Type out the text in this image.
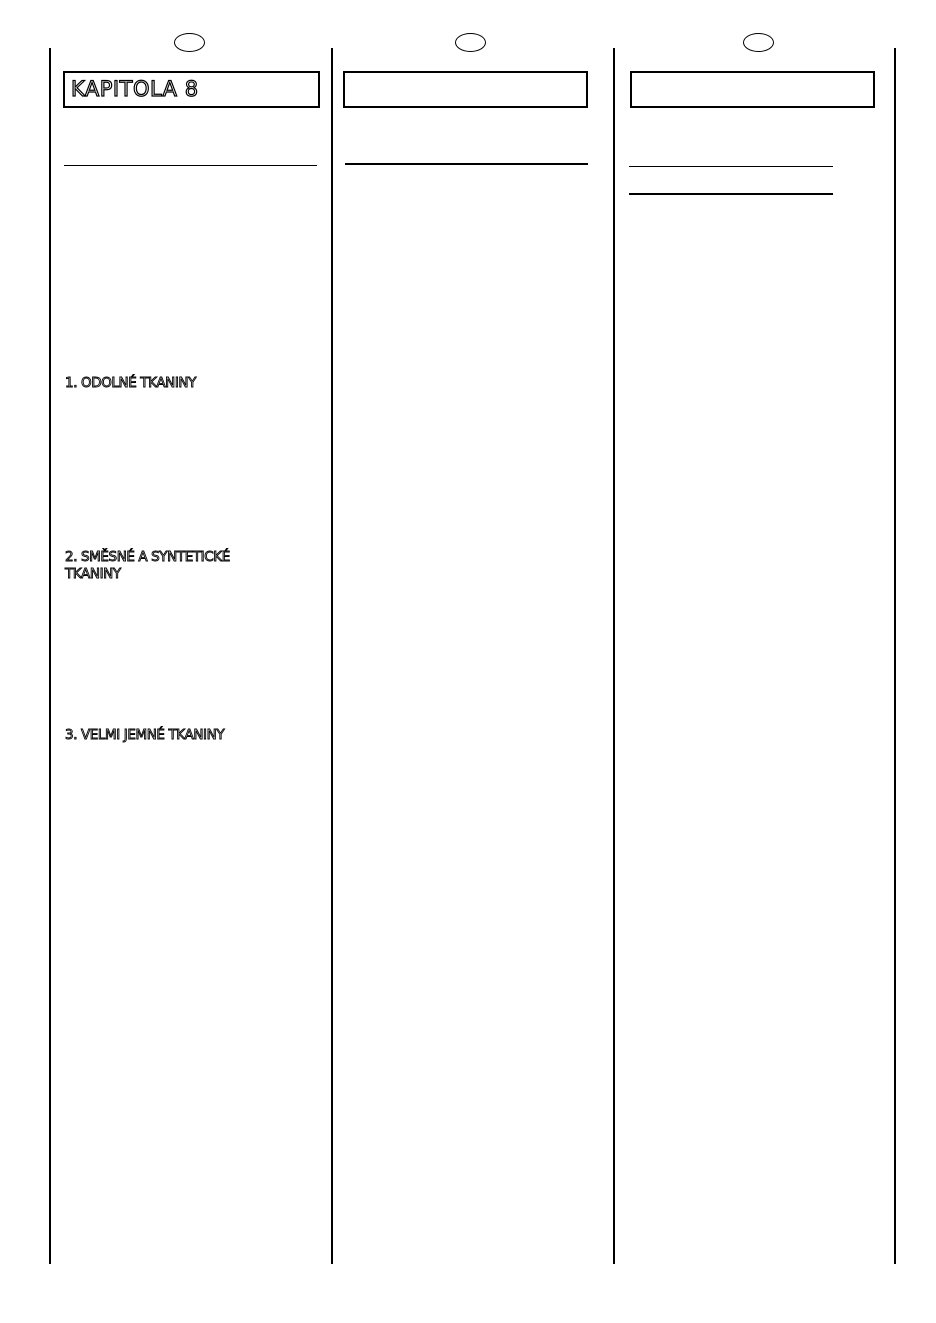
KAPITOLA 8
1. ODOLNÉ TKANINY
2. SMĚSNÉ A SYNTETICKÉ
TKANINY
3. VELMI JEMNÉ TKANINY
